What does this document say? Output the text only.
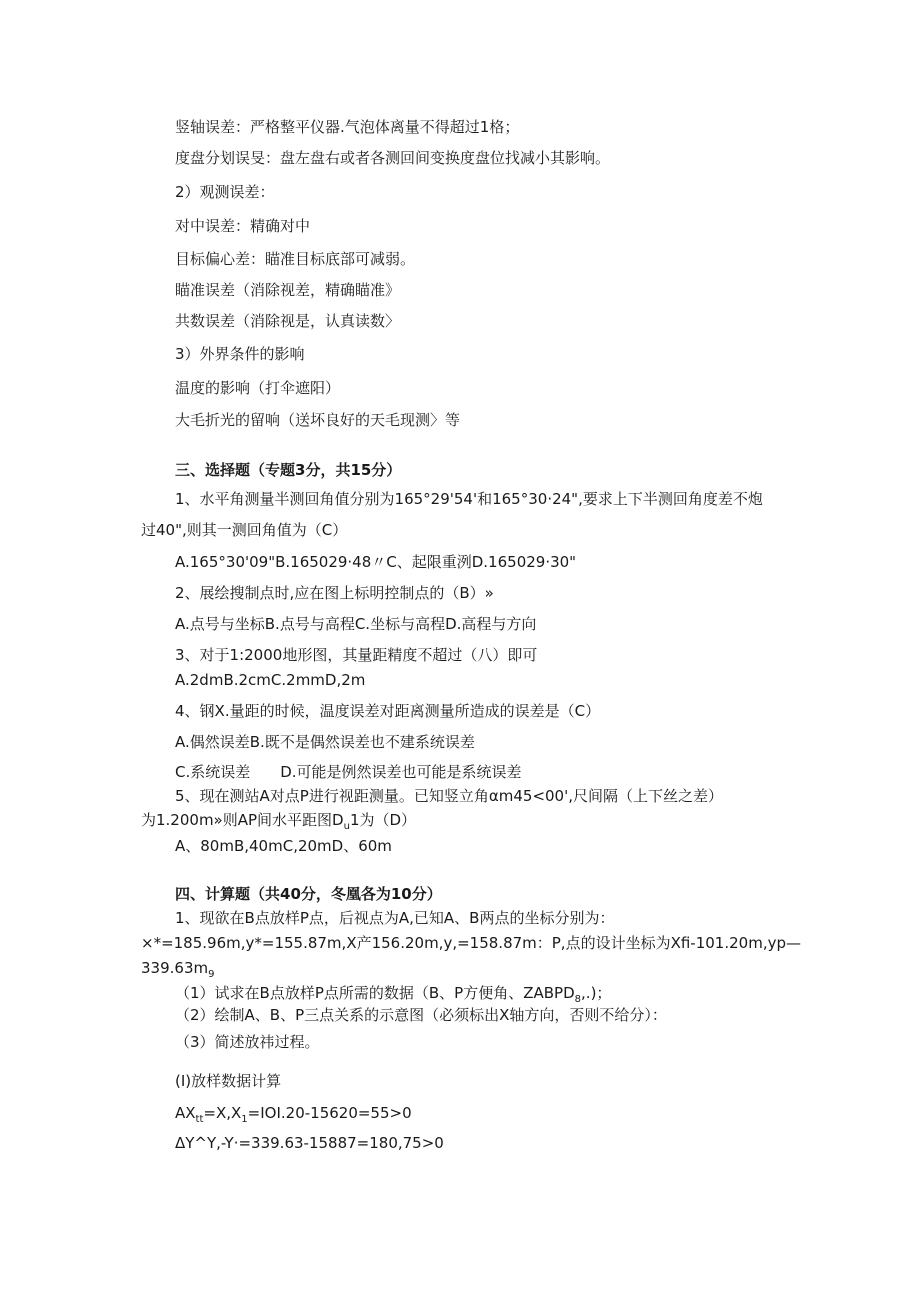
竖轴误差：严格整平仪器.气泡体离量不得超过1格；
度盘分划误旻：盘左盘右或者各测回间变换度盘位找减小其影响。
2）观测误差：
对中误差：精确对中
目标偏心差：瞄准目标底部可减弱。
瞄准误差（消除视差，精确瞄准》
共数误差（消除视是，认真读数〉
3）外界条件的影响
温度的影响（打伞遮阳）
大毛折光的留响（送坏良好的天毛现测〉等
三、选择题（专题3分，共15分）
1、水平角测量半测回角值分别为165°29'54'和165°30·24",要求上下半测回角度差不炮
过40",则其一测回角值为（C）
A.165°30'09"B.165029·48〃C、起限重洌D.165029·30"
2、展绘搜制点时,应在图上标明控制点的（B）»
A.点号与坐标B.点号与高程C.坐标与高程D.高程与方向
3、对于1:2000地形图，其量距精度不超过（八）即可
A.2dmB.2cmC.2mmD,2m
4、钢X.量距的时候，温度误差对距离测量所造成的误差是（C）
A.偶然误差B.既不是偶然误差也不建系统误差
C.系统误差　　D.可能是例然误差也可能是系统误差
5、现在测站A对点P进行视距测量。已知竖立角αm45<00',尺间隔（上下丝之差）
为1.200m»则AP间水平距图$D_u1$为（D）
A、80mB,40mC,20mD、60m
四、计算题（共40分，冬凰各为10分）
1、现欲在B点放样P点，后视点为A,已知A、B两点的坐标分别为：
×*=185.96m,y*=155.87m,X产156.20m,y,=158.87m：P,点的设计坐标为Xfi-101.20m,yp—
$339.63m_9$
（1）试求在B点放样P点所需的数据（B、P方便角、$ZABPD_8$,.)；
（2）绘制A、B、P三点关系的示意图（必须标出X轴方向，否则不给分）：
（3）简述放祎过程。
(I)放样数据计算
$AX_{tt}=X,X_1=IOI.20-15620=55>0$
ΔY^Y,-Y·=339.63-15887=180,75>0
